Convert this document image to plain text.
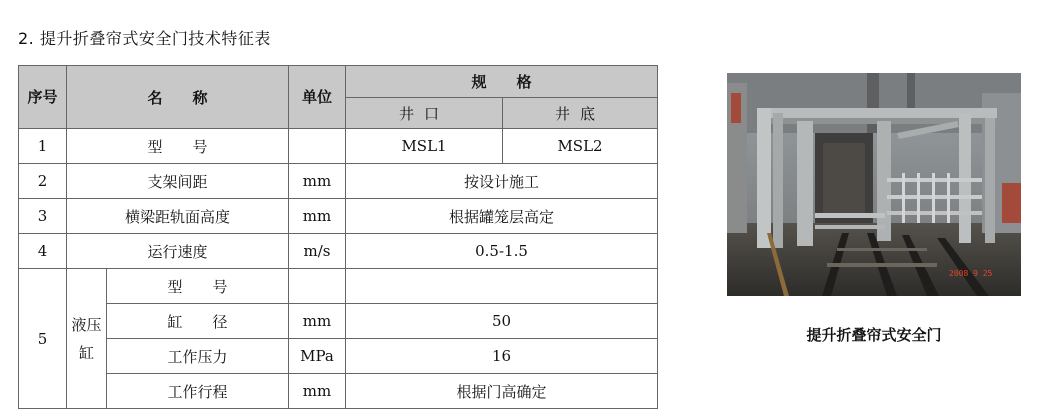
2. 提升折叠帘式安全门技术特征表
序号	名　　称		单位	规　　格	
				井口	井底
1	型　　号			MSL1	MSL2
2	支架间距		mm	按设计施工	
3	横梁距轨面高度		mm	根据罐笼层高定	
4	运行速度		m/s	0.5-1.5	
5	液压缸	型　　号			
		缸　　径	mm	50	
		工作压力	MPa	16	
		工作行程	mm	根据门高确定	
2008 9 25
提升折叠帘式安全门
